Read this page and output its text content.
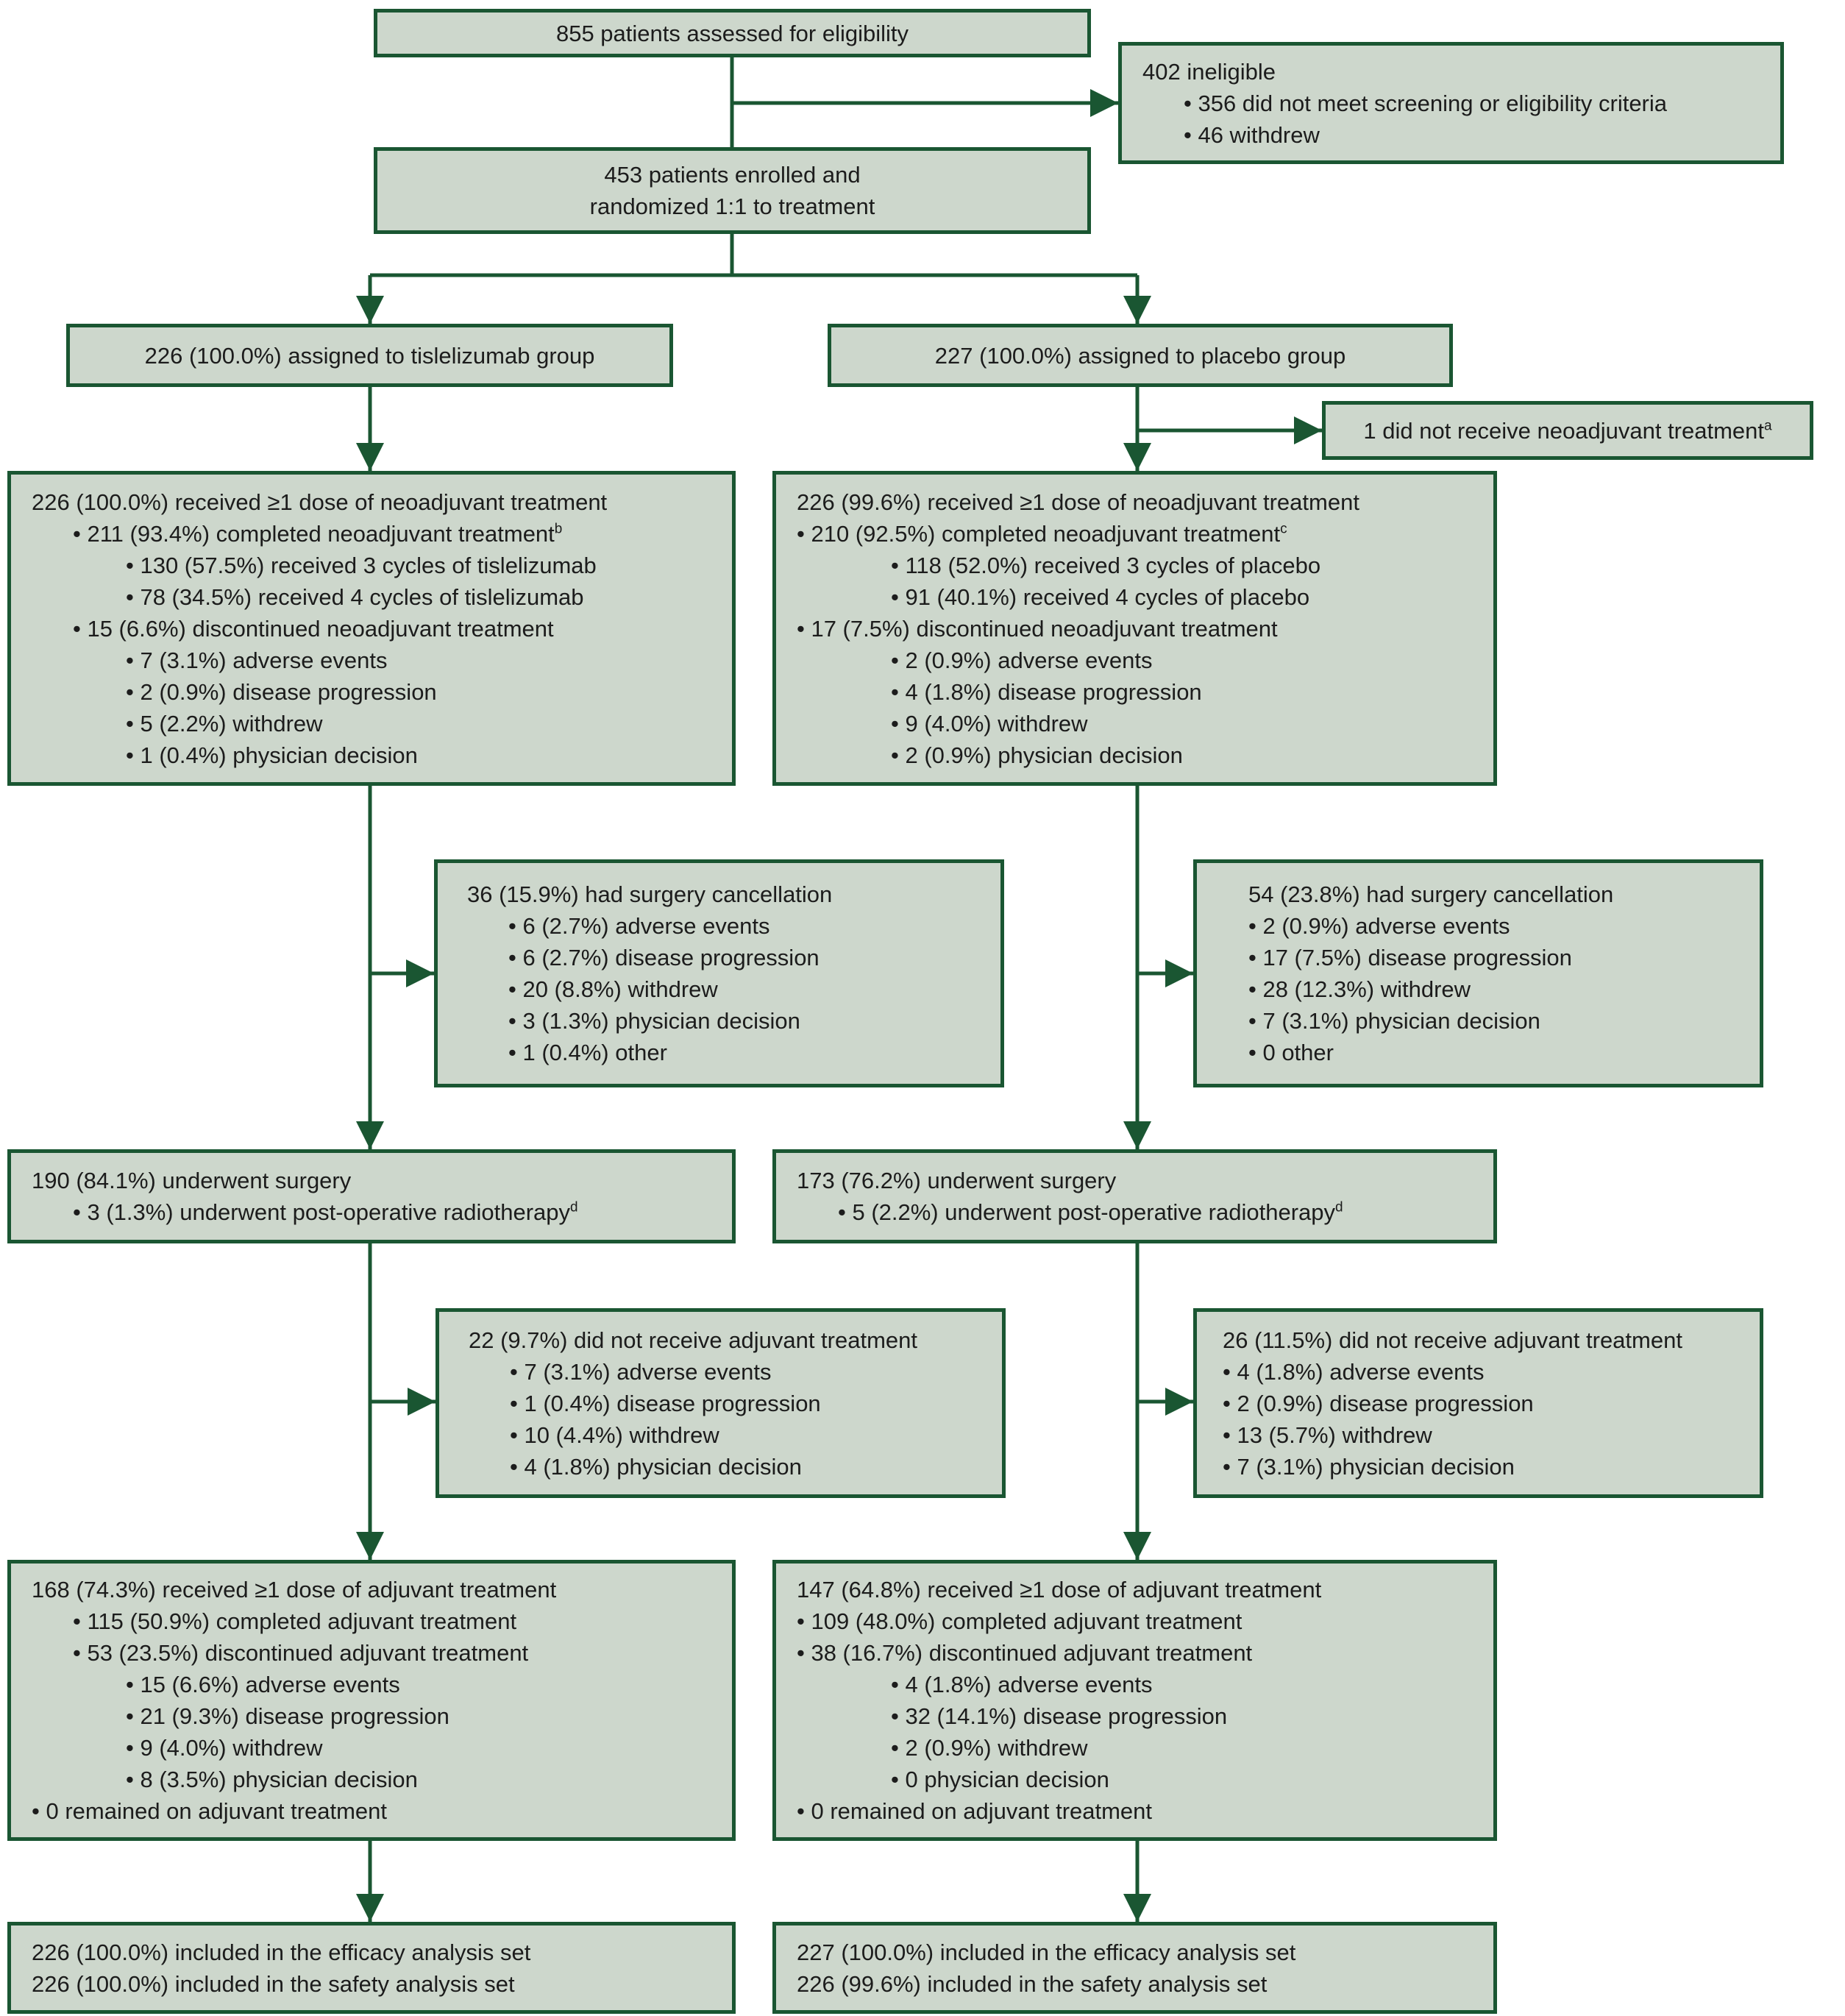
855 patients assessed for eligibility
402 ineligible
• 356 did not meet screening or eligibility criteria
• 46 withdrew
453 patients enrolled and
randomized 1:1 to treatment
226 (100.0%) assigned to tislelizumab group	227 (100.0%) assigned to placebo group
1 did not receive neoadjuvant treatment$^a$
226 (100.0%) received ≥1 dose of neoadjuvant treatment
• 211 (93.4%) completed neoadjuvant treatment$^b$
• 130 (57.5%) received 3 cycles of tislelizumab
• 78 (34.5%) received 4 cycles of tislelizumab
• 15 (6.6%) discontinued neoadjuvant treatment
• 7 (3.1%) adverse events
• 2 (0.9%) disease progression
• 5 (2.2%) withdrew
• 1 (0.4%) physician decision
226 (99.6%) received ≥1 dose of neoadjuvant treatment
• 210 (92.5%) completed neoadjuvant treatment$^c$
• 118 (52.0%) received 3 cycles of placebo
• 91 (40.1%) received 4 cycles of placebo
• 17 (7.5%) discontinued neoadjuvant treatment
• 2 (0.9%) adverse events
• 4 (1.8%) disease progression
• 9 (4.0%) withdrew
• 2 (0.9%) physician decision
36 (15.9%) had surgery cancellation
• 6 (2.7%) adverse events
• 6 (2.7%) disease progression
• 20 (8.8%) withdrew
• 3 (1.3%) physician decision
• 1 (0.4%) other
54 (23.8%) had surgery cancellation
• 2 (0.9%) adverse events
• 17 (7.5%) disease progression
• 28 (12.3%) withdrew
• 7 (3.1%) physician decision
• 0 other
190 (84.1%) underwent surgery
• 3 (1.3%) underwent post-operative radiotherapy$^d$
173 (76.2%) underwent surgery
• 5 (2.2%) underwent post-operative radiotherapy$^d$
22 (9.7%) did not receive adjuvant treatment
• 7 (3.1%) adverse events
• 1 (0.4%) disease progression
• 10 (4.4%) withdrew
• 4 (1.8%) physician decision
26 (11.5%) did not receive adjuvant treatment
• 4 (1.8%) adverse events
• 2 (0.9%) disease progression
• 13 (5.7%) withdrew
• 7 (3.1%) physician decision
168 (74.3%) received ≥1 dose of adjuvant treatment
• 115 (50.9%) completed adjuvant treatment
• 53 (23.5%) discontinued adjuvant treatment
• 15 (6.6%) adverse events
• 21 (9.3%) disease progression
• 9 (4.0%) withdrew
• 8 (3.5%) physician decision
• 0 remained on adjuvant treatment
147 (64.8%) received ≥1 dose of adjuvant treatment
• 109 (48.0%) completed adjuvant treatment
• 38 (16.7%) discontinued adjuvant treatment
• 4 (1.8%) adverse events
• 32 (14.1%) disease progression
• 2 (0.9%) withdrew
• 0 physician decision
• 0 remained on adjuvant treatment
226 (100.0%) included in the efficacy analysis set
226 (100.0%) included in the safety analysis set
227 (100.0%) included in the efficacy analysis set
226 (99.6%) included in the safety analysis set
